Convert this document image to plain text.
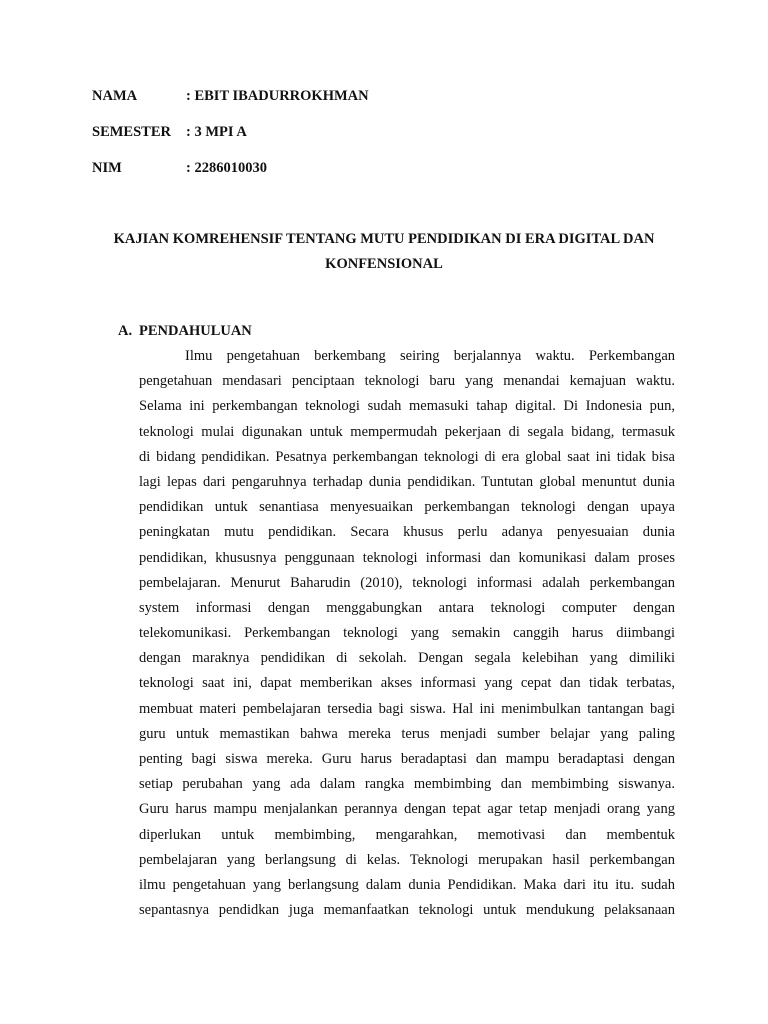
NAMA	: EBIT IBADURROKHMAN
SEMESTER	: 3 MPI A
NIM	: 2286010030
KAJIAN KOMREHENSIF TENTANG MUTU PENDIDIKAN DI ERA DIGITAL DAN
KONFENSIONAL
A. PENDAHULUAN
Ilmu pengetahuan berkembang seiring berjalannya waktu. Perkembangan
pengetahuan mendasari penciptaan teknologi baru yang menandai kemajuan waktu.
Selama ini perkembangan teknologi sudah memasuki tahap digital. Di Indonesia pun,
teknologi mulai digunakan untuk mempermudah pekerjaan di segala bidang, termasuk
di bidang pendidikan. Pesatnya perkembangan teknologi di era global saat ini tidak bisa
lagi lepas dari pengaruhnya terhadap dunia pendidikan. Tuntutan global menuntut dunia
pendidikan untuk senantiasa menyesuaikan perkembangan teknologi dengan upaya
peningkatan mutu pendidikan. Secara khusus perlu adanya penyesuaian dunia
pendidikan, khususnya penggunaan teknologi informasi dan komunikasi dalam proses
pembelajaran. Menurut Baharudin (2010), teknologi informasi adalah perkembangan
system informasi dengan menggabungkan antara teknologi computer dengan
telekomunikasi. Perkembangan teknologi yang semakin canggih harus diimbangi
dengan maraknya pendidikan di sekolah. Dengan segala kelebihan yang dimiliki
teknologi saat ini, dapat memberikan akses informasi yang cepat dan tidak terbatas,
membuat materi pembelajaran tersedia bagi siswa. Hal ini menimbulkan tantangan bagi
guru untuk memastikan bahwa mereka terus menjadi sumber belajar yang paling
penting bagi siswa mereka. Guru harus beradaptasi dan mampu beradaptasi dengan
setiap perubahan yang ada dalam rangka membimbing dan membimbing siswanya.
Guru harus mampu menjalankan perannya dengan tepat agar tetap menjadi orang yang
diperlukan untuk membimbing, mengarahkan, memotivasi dan membentuk
pembelajaran yang berlangsung di kelas. Teknologi merupakan hasil perkembangan
ilmu pengetahuan yang berlangsung dalam dunia Pendidikan. Maka dari itu itu. sudah
sepantasnya pendidkan juga memanfaatkan teknologi untuk mendukung pelaksanaan
